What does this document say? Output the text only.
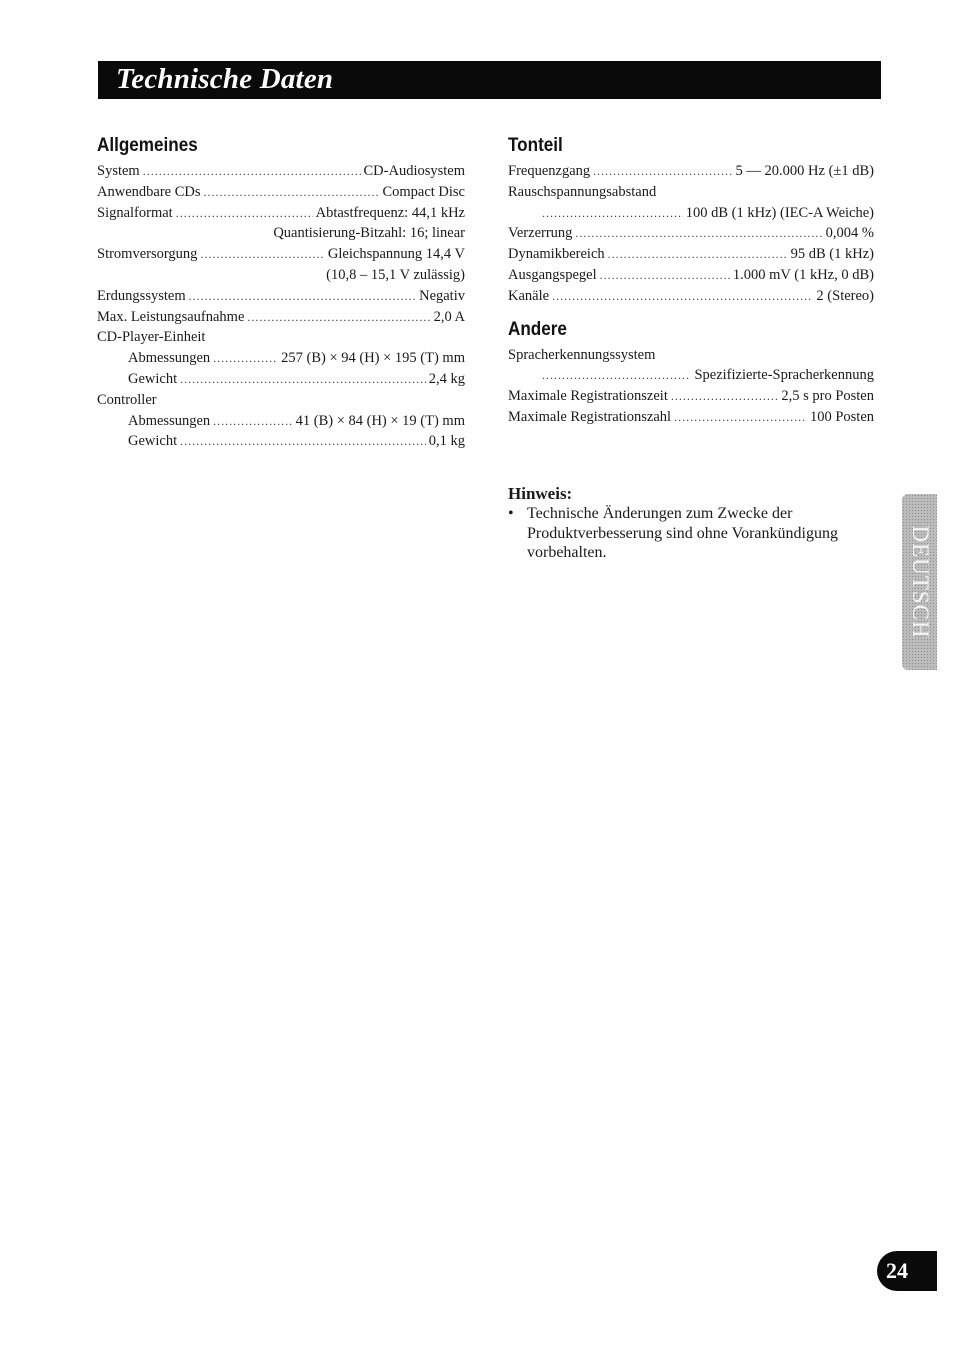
Technische Daten
Allgemeines
System .....	CD-Audiosystem
Anwendbare CDs .....	Compact Disc
Signalformat .....	Abtastfrequenz: 44,1 kHz
Quantisierung-Bitzahl: 16; linear
Stromversorgung .....	Gleichspannung 14,4 V
(10,8 – 15,1 V zulässig)
Erdungssystem .....	Negativ
Max. Leistungsaufnahme .....	2,0 A
CD-Player-Einheit
Abmessungen .....	257 (B) × 94 (H) × 195 (T) mm
Gewicht .....	2,4 kg
Controller
Abmessungen .....	41 (B) × 84 (H) × 19 (T) mm
Gewicht .....	0,1 kg
Tonteil
Frequenzgang .....	5 — 20.000 Hz (±1 dB)
Rauschspannungsabstand
.....
100 dB (1 kHz) (IEC-A Weiche)
Verzerrung .....	0,004 %
Dynamikbereich .....	95 dB (1 kHz)
Ausgangspegel .....	1.000 mV (1 kHz, 0 dB)
Kanäle .....	2 (Stereo)
Andere
Spracherkennungssystem
.....
Spezifizierte-Spracherkennung
Maximale Registrationszeit .....	2,5 s pro Posten
Maximale Registrationszahl .....	100 Posten
Hinweis:
• Technische Änderungen zum Zwecke der
Produktverbesserung sind ohne Vorankündigung
vorbehalten.	DEUTSCH
24
